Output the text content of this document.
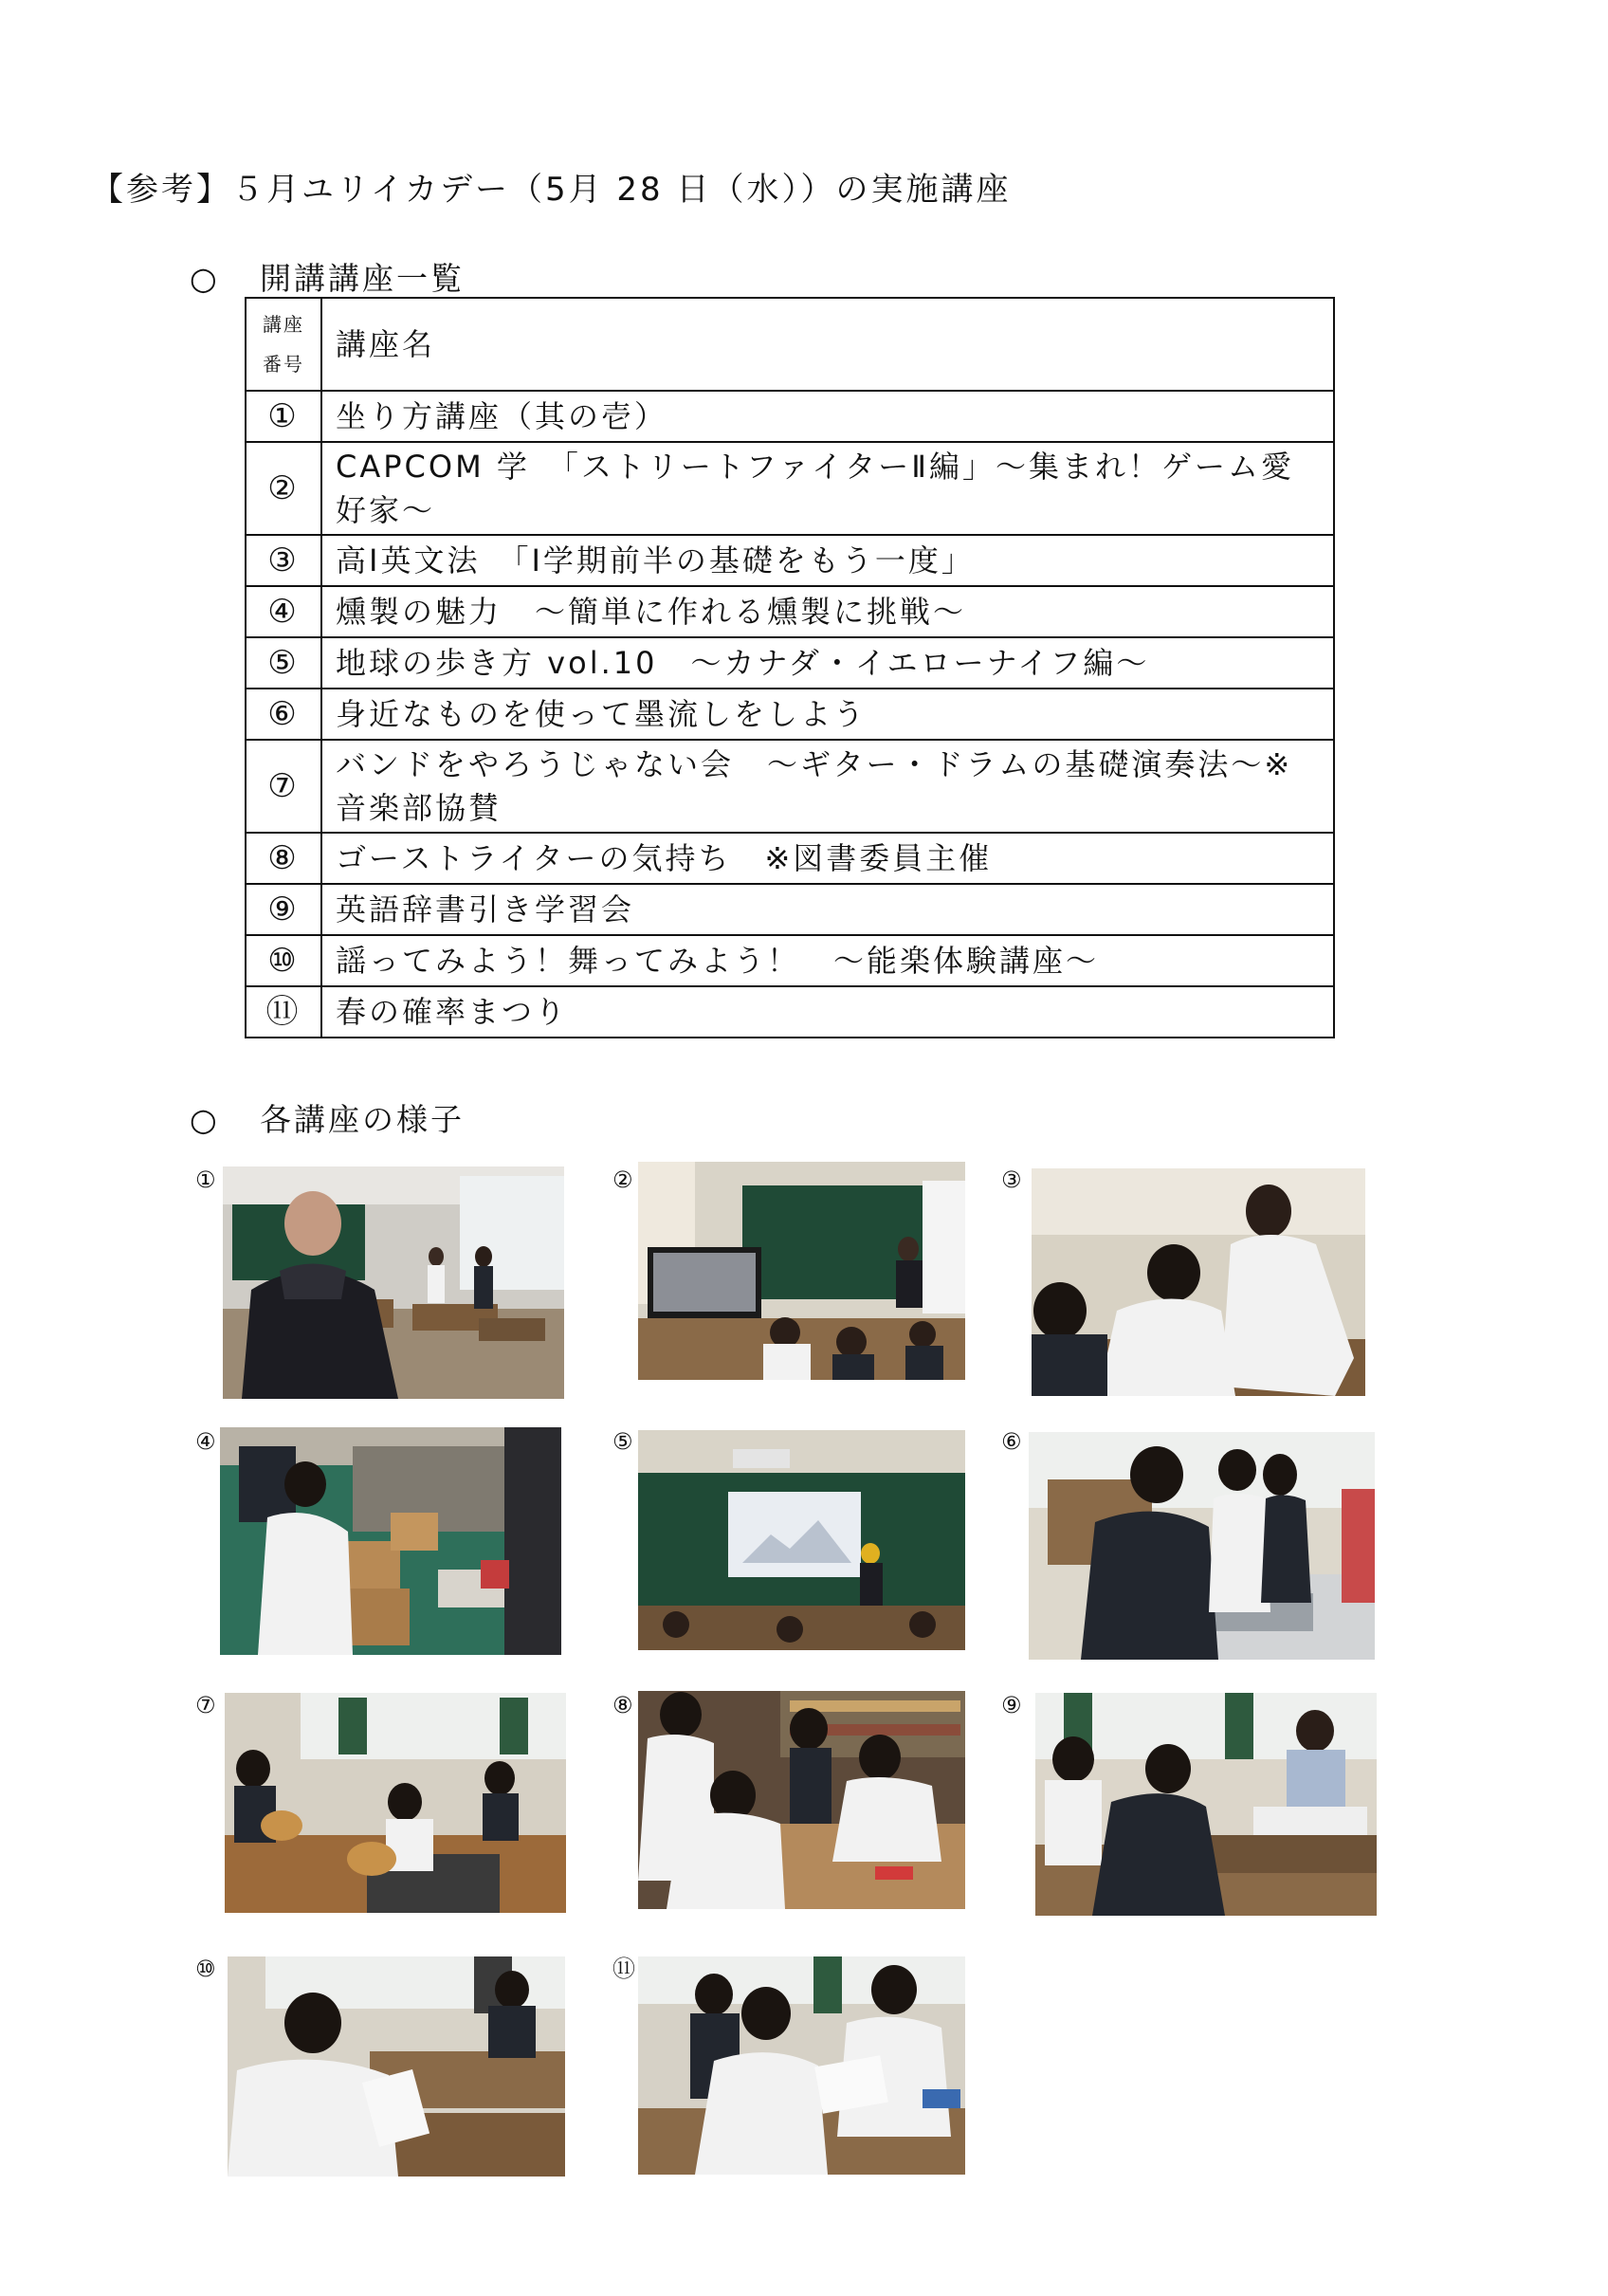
【参考】５月ユリイカデー（5月 28 日（水））の実施講座
○ 開講講座一覧
講座
番号	講座名
①	坐り方講座（其の壱）
②	CAPCOM 学　「ストリートファイターⅡ編」～集まれ！ゲーム愛好家～
③	高Ⅰ英文法　「Ⅰ学期前半の基礎をもう一度」
④	燻製の魅力　～簡単に作れる燻製に挑戦～
⑤	地球の歩き方 vol.10　～カナダ・イエローナイフ編～
⑥	身近なものを使って墨流しをしよう
⑦	バンドをやろうじゃない会　～ギター・ドラムの基礎演奏法～※音楽部協賛
⑧	ゴーストライターの気持ち　※図書委員主催
⑨	英語辞書引き学習会
⑩	謡ってみよう！舞ってみよう！　～能楽体験講座～
⑪	春の確率まつり
○ 各講座の様子
①	②	③
④	⑤	⑥
⑦	⑧	⑨
⑩	⑪
